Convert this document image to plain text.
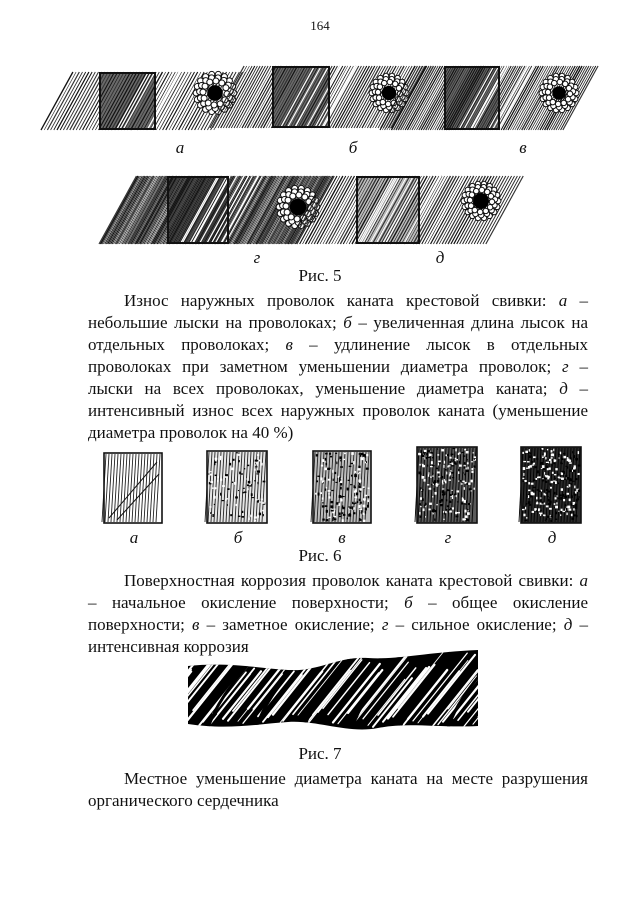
164
а	б	в
г	д
Рис. 5

Износ наружных проволок каната крестовой свивки: а – небольшие лыски на проволоках; б – увеличенная длина лысок на отдельных проволоках; в – удлинение лысок в отдельных проволоках при заметном уменьшении диаметра проволок; г – лыски на всех проволоках, уменьшение диаметра каната; д – интенсивный износ всех наружных проволок каната (уменьшение диаметра проволок на 40 %)

а	б	в	г	д
Рис. 6

Поверхностная коррозия проволок каната крестовой свивки: а – начальное окисление поверхности; б – общее окисление поверхности; в – заметное окисление; г – сильное окисление; д – интенсивная коррозия

Рис. 7

Местное уменьшение диаметра каната на месте разрушения органического сердечника
